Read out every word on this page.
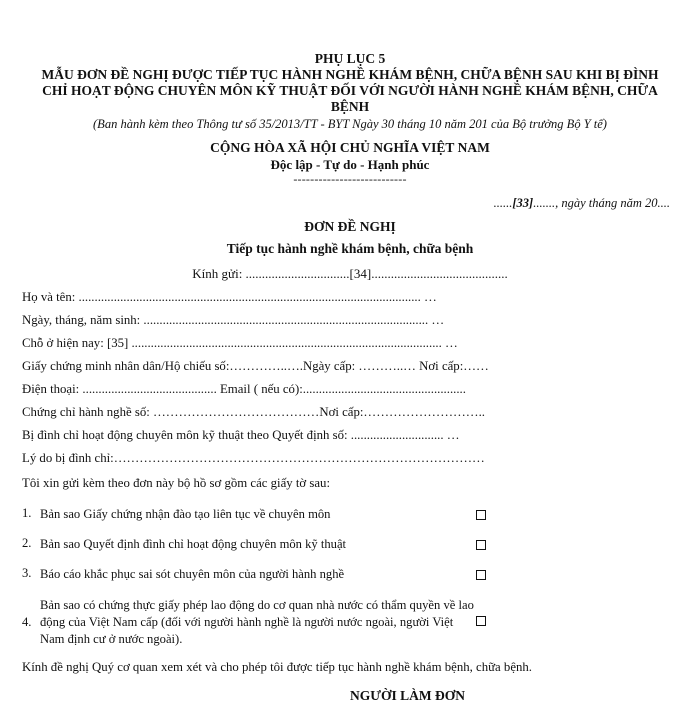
PHỤ LỤC 5
MẪU ĐƠN ĐỀ NGHỊ ĐƯỢC TIẾP TỤC HÀNH NGHỀ KHÁM BỆNH, CHỮA BỆNH SAU KHI BỊ ĐÌNH
CHỈ HOẠT ĐỘNG CHUYÊN MÔN KỸ THUẬT ĐỐI VỚI NGƯỜI HÀNH NGHỀ KHÁM BỆNH, CHỮA
BỆNH
(Ban hành kèm theo Thông tư số 35/2013/TT - BYT Ngày 30 tháng 10 năm 201 của Bộ trưởng Bộ Y tế)
CỘNG HÒA XÃ HỘI CHỦ NGHĨA VIỆT NAM
Độc lập - Tự do - Hạnh phúc
---------------------------
......[33]......., ngày tháng năm 20....
ĐƠN ĐỀ NGHỊ
Tiếp tục hành nghề khám bệnh, chữa bệnh
Kính gửi: ................................[34]..........................................
Họ và tên: ........................................................................................................... …
Ngày, tháng, năm sinh: ......................................................................................... …
Chỗ ở hiện nay: [35] ................................................................................................. …
Giấy chứng minh nhân dân/Hộ chiếu số:…………..….Ngày cấp: ………..… Nơi cấp:……
Điện thoại: .......................................... Email ( nếu có):...................................................
Chứng chỉ hành nghề số: …………………………………Nơi cấp:………………………..
Bị đình chỉ hoạt động chuyên môn kỹ thuật theo Quyết định số: ............................. …
Lý do bị đình chỉ:……………………………………………………………………………
Tôi xin gửi kèm theo đơn này bộ hồ sơ gồm các giấy tờ sau:
1. Bản sao Giấy chứng nhận đào tạo liên tục về chuyên môn
2. Bản sao Quyết định đình chỉ hoạt động chuyên môn kỹ thuật
3. Báo cáo khắc phục sai sót chuyên môn của người hành nghề
4.
Bản sao có chứng thực giấy phép lao động do cơ quan nhà nước có thẩm quyền về lao động của Việt Nam cấp (đối với người hành nghề là người nước ngoài, người Việt Nam định cư ở nước ngoài).
Kính đề nghị Quý cơ quan xem xét và cho phép tôi được tiếp tục hành nghề khám bệnh, chữa bệnh.
NGƯỜI LÀM ĐƠN
